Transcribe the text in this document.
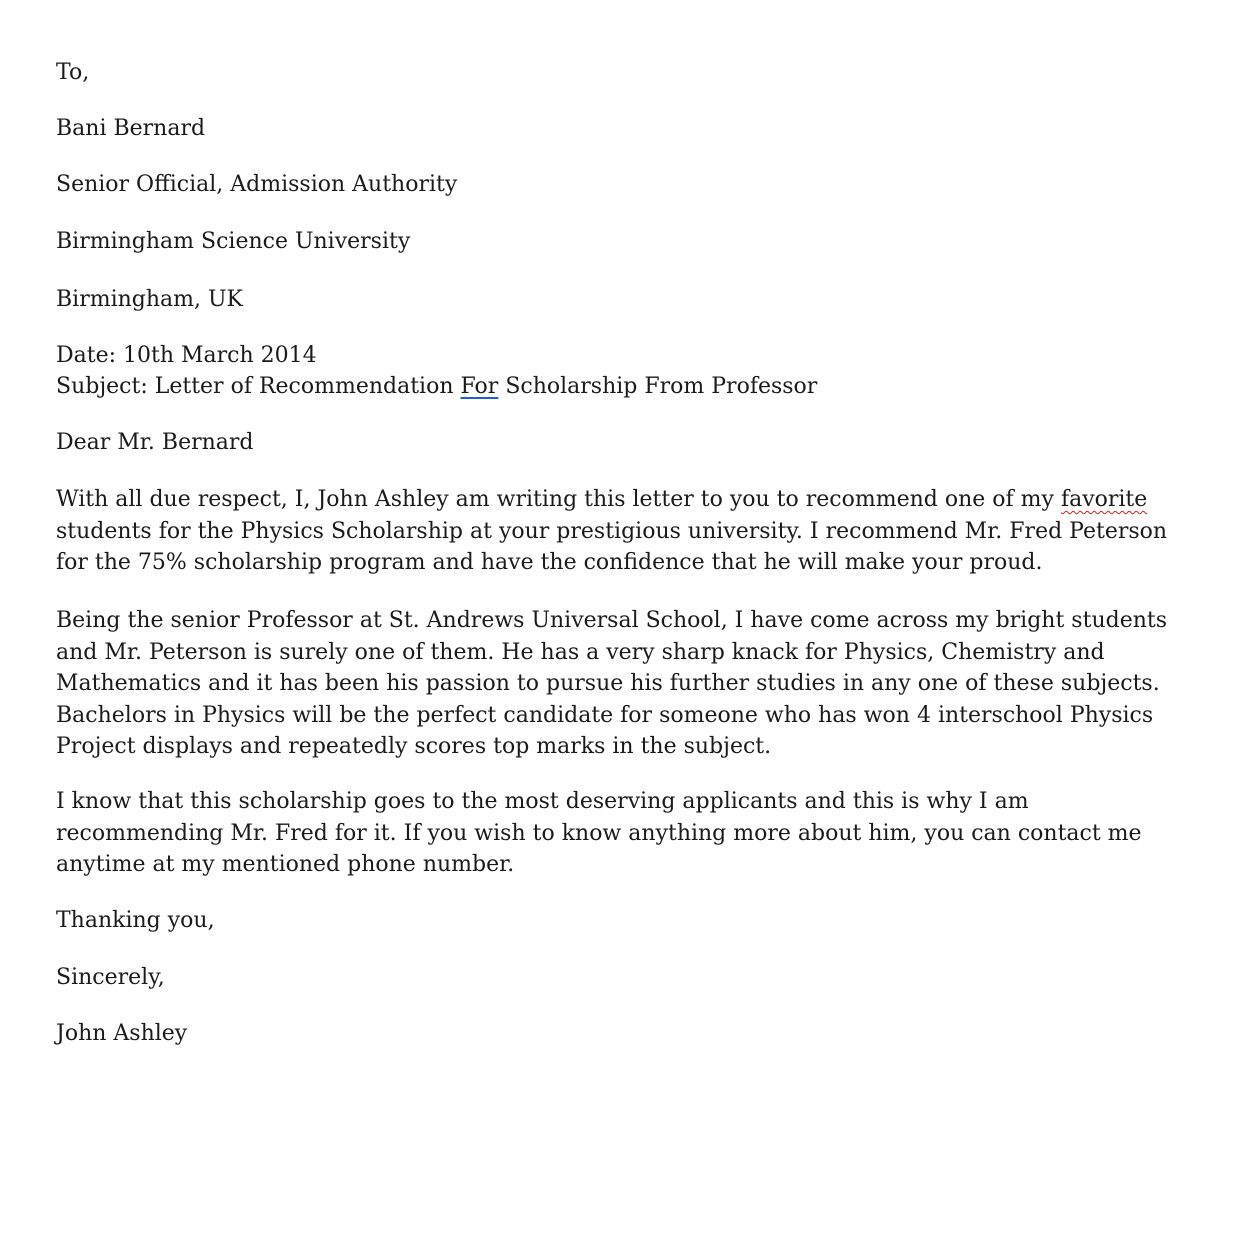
To,
Bani Bernard
Senior Official, Admission Authority
Birmingham Science University
Birmingham, UK
Date: 10th March 2014
Subject: Letter of Recommendation For Scholarship From Professor
Dear Mr. Bernard
With all due respect, I, John Ashley am writing this letter to you to recommend one of my favorite
students for the Physics Scholarship at your prestigious university. I recommend Mr. Fred Peterson
for the 75% scholarship program and have the confidence that he will make your proud.
Being the senior Professor at St. Andrews Universal School, I have come across my bright students
and Mr. Peterson is surely one of them. He has a very sharp knack for Physics, Chemistry and
Mathematics and it has been his passion to pursue his further studies in any one of these subjects.
Bachelors in Physics will be the perfect candidate for someone who has won 4 interschool Physics
Project displays and repeatedly scores top marks in the subject.
I know that this scholarship goes to the most deserving applicants and this is why I am
recommending Mr. Fred for it. If you wish to know anything more about him, you can contact me
anytime at my mentioned phone number.
Thanking you,
Sincerely,
John Ashley
